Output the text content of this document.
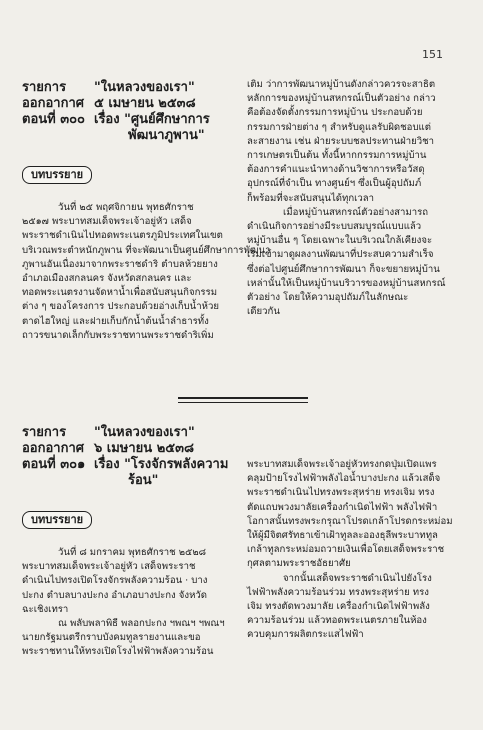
151
รายการ	"ในหลวงของเรา"
ออกอากาศ ๕ เมษายน ๒๕๓๘
ตอนที่ ๓๐๐ เรื่อง "ศูนย์ศึกษาการ
พัฒนาภูพาน"
บทบรรยาย

วันที่ ๒๕ พฤศจิกายน พุทธศักราช
๒๕๑๗ พระบาทสมเด็จพระเจ้าอยู่หัว เสด็จ
พระราชดำเนินไปทอดพระเนตรภูมิประเทศในเขต
บริเวณพระตำหนักภูพาน ที่จะพัฒนาเป็นศูนย์ศึกษาการพัฒนา
ภูพานอันเนื่องมาจากพระราชดำริ ตำบลห้วยยาง
อำเภอเมืองสกลนคร จังหวัดสกลนคร และ
ทอดพระเนตรงานจัดหาน้ำเพื่อสนับสนุนกิจกรรม
ต่าง ๆ ของโครงการ ประกอบด้วยอ่างเก็บน้ำห้วย
ตาดไฮใหญ่ และฝายเก็บกักน้ำต้นน้ำลำธารทั้ง
ถาวรขนาดเล็กกับพระราชทานพระราชดำริเพิ่ม

เติม ว่าการพัฒนาหมู่บ้านดังกล่าวควรจะสาธิต
หลักการของหมู่บ้านสหกรณ์เป็นตัวอย่าง กล่าว
คือต้องจัดตั้งกรรมการหมู่บ้าน ประกอบด้วย
กรรมการฝ่ายต่าง ๆ สำหรับดูแลรับผิดชอบแต่
ละสายงาน เช่น ฝ่ายระบบชลประทานฝ่ายวิชา
การเกษตรเป็นต้น ทั้งนี้หากกรรมการหมู่บ้าน
ต้องการคำแนะนำทางด้านวิชาการหรือวัสดุ
อุปกรณ์ที่จำเป็น ทางศูนย์ฯ ซึ่งเป็นผู้อุปถัมภ์
ก็พร้อมที่จะสนับสนุนได้ทุกเวลา
เมื่อหมู่บ้านสหกรณ์ตัวอย่างสามารถ
ดำเนินกิจการอย่างมีระบบสมบูรณ์แบบแล้ว
หมู่บ้านอื่น ๆ โดยเฉพาะในบริเวณใกล้เคียงจะ
เริ่มเข้ามาดูผลงานพัฒนาที่ประสบความสำเร็จ
ซึ่งต่อไปศูนย์ศึกษาการพัฒนา ก็จะขยายหมู่บ้าน
เหล่านั้นให้เป็นหมู่บ้านบริวารของหมู่บ้านสหกรณ์
ตัวอย่าง โดยให้ความอุปถัมภ์ในลักษณะ
เดียวกัน

รายการ	"ในหลวงของเรา"
ออกอากาศ ๖ เมษายน ๒๕๓๘
ตอนที่ ๓๐๑ เรื่อง "โรงจักรพลังความ
ร้อน"
บทบรรยาย

วันที่ ๘ มกราคม พุทธศักราช ๒๕๒๘
พระบาทสมเด็จพระเจ้าอยู่หัว เสด็จพระราช
ดำเนินไปทรงเปิดโรงจักรพลังความร้อน · บาง
ปะกง ตำบลบางปะกง อำเภอบางปะกง จังหวัด
ฉะเชิงเทรา
ณ พลับพลาพิธี พลอกปะกง ฯพณฯ ฯพณฯ
นายกรัฐมนตรีกราบบังคมทูลรายงานและขอ
พระราชทานให้ทรงเปิดโรงไฟฟ้าพลังความร้อน

พระบาทสมเด็จพระเจ้าอยู่หัวทรงกดปุ่มเปิดแพร
คลุมป้ายโรงไฟฟ้าพลังไอน้ำบางปะกง แล้วเสด็จ
พระราชดำเนินไปทรงพระสุหร่าย ทรงเจิม ทรง
ตัดแถบพวงมาลัยเครื่องกำเนิดไฟฟ้า พลังไฟฟ้า
โอกาสนั้นทรงพระกรุณาโปรดเกล้าโปรดกระหม่อม
ให้ผู้มีจิตศรัทธาเข้าเฝ้าทูลละอองธุลีพระบาททูล
เกล้าทูลกระหม่อมถวายเงินเพื่อโดยเสด็จพระราช
กุศลตามพระราชอัธยาศัย
จากนั้นเสด็จพระราชดำเนินไปยังโรง
ไฟฟ้าพลังความร้อนร่วม ทรงพระสุหร่าย ทรง
เจิม ทรงตัดพวงมาลัย เครื่องกำเนิดไฟฟ้าพลัง
ความร้อนร่วม แล้วทอดพระเนตรภายในห้อง
ควบคุมการผลิตกระแสไฟฟ้า
